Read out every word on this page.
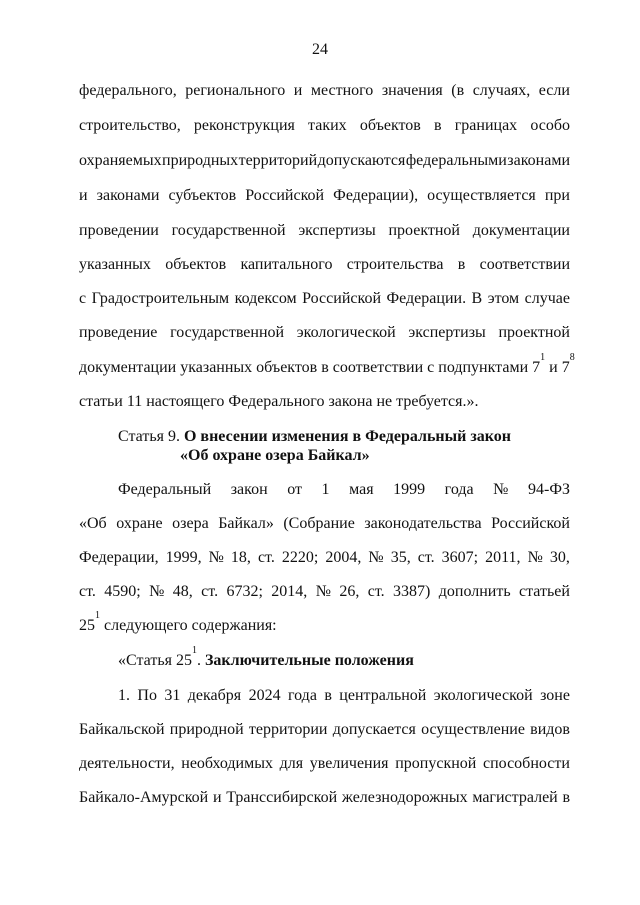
24
федерального, регионального и местного значения (в случаях, если
строительство, реконструкция таких объектов в границах особо
охраняемых природных территорий допускаются федеральными законами
и законами субъектов Российской Федерации), осуществляется при
проведении государственной экспертизы проектной документации
указанных объектов капитального строительства в соответствии
с Градостроительным кодексом Российской Федерации. В этом случае
проведение государственной экологической экспертизы проектной
документации указанных объектов в соответствии с подпунктами $7^1$ и $7^8$
статьи 11 настоящего Федерального закона не требуется.».
Статья 9. О внесении изменения в Федеральный закон
«Об охране озера Байкал»
Федеральный закон от 1 мая 1999 года № 94-ФЗ
«Об охране озера Байкал» (Собрание законодательства Российской
Федерации, 1999, № 18, ст. 2220; 2004, № 35, ст. 3607; 2011, № 30,
ст. 4590; № 48, ст. 6732; 2014, № 26, ст. 3387) дополнить статьей
$25^1$ следующего содержания:
«Статья $25^1$. Заключительные положения
1. По 31 декабря 2024 года в центральной экологической зоне
Байкальской природной территории допускается осуществление видов
деятельности, необходимых для увеличения пропускной способности
Байкало-Амурской и Транссибирской железнодорожных магистралей в
